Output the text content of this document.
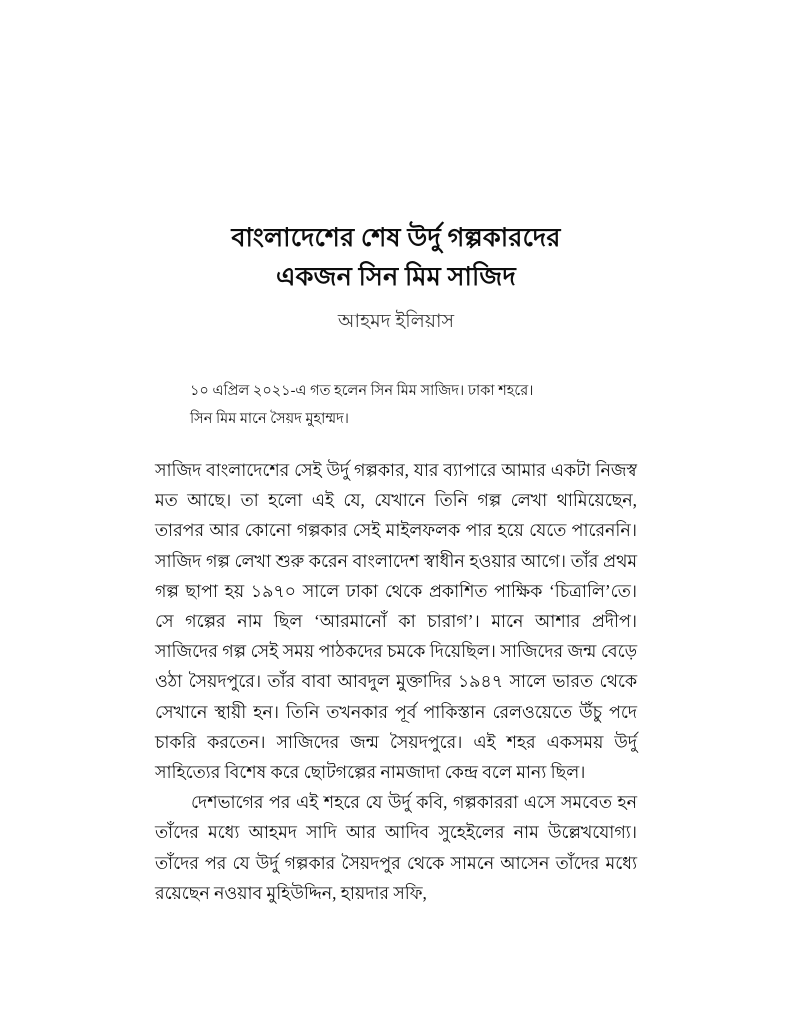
বাংলাদেশের শেষ উর্দু গল্পকারদের
একজন সিন মিম সাজিদ
আহমদ ইলিয়াস
১০ এপ্রিল ২০২১-এ গত হলেন সিন মিম সাজিদ। ঢাকা শহরে।
সিন মিম মানে সৈয়দ মুহাম্মদ।

সাজিদ বাংলাদেশের সেই উর্দু গল্পকার, যার ব্যাপারে আমার একটা নিজস্ব মত আছে। তা হলো এই যে, যেখানে তিনি গল্প লেখা থামিয়েছেন, তারপর আর কোনো গল্পকার সেই মাইলফলক পার হয়ে যেতে পারেননি। সাজিদ গল্প লেখা শুরু করেন বাংলাদেশ স্বাধীন হওয়ার আগে। তাঁর প্রথম গল্প ছাপা হয় ১৯৭০ সালে ঢাকা থেকে প্রকাশিত পাক্ষিক ‘চিত্রালি’তে। সে গল্পের নাম ছিল ‘আরমানোঁ কা চারাগ’। মানে আশার প্রদীপ। সাজিদের গল্প সেই সময় পাঠকদের চমকে দিয়েছিল। সাজিদের জন্ম বেড়ে ওঠা সৈয়দপুরে। তাঁর বাবা আবদুল মুক্তাদির ১৯৪৭ সালে ভারত থেকে সেখানে স্থায়ী হন। তিনি তখনকার পূর্ব পাকিস্তান রেলওয়েতে উঁচু পদে চাকরি করতেন। সাজিদের জন্ম সৈয়দপুরে। এই শহর একসময় উর্দু সাহিত্যের বিশেষ করে ছোটগল্পের নামজাদা কেন্দ্র বলে মান্য ছিল।

দেশভাগের পর এই শহরে যে উর্দু কবি, গল্পকাররা এসে সমবেত হন তাঁদের মধ্যে আহমদ সাদি আর আদিব সুহেইলের নাম উল্লেখযোগ্য। তাঁদের পর যে উর্দু গল্পকার সৈয়দপুর থেকে সামনে আসেন তাঁদের মধ্যে রয়েছেন নওয়াব মুহিউদ্দিন, হায়দার সফি,
